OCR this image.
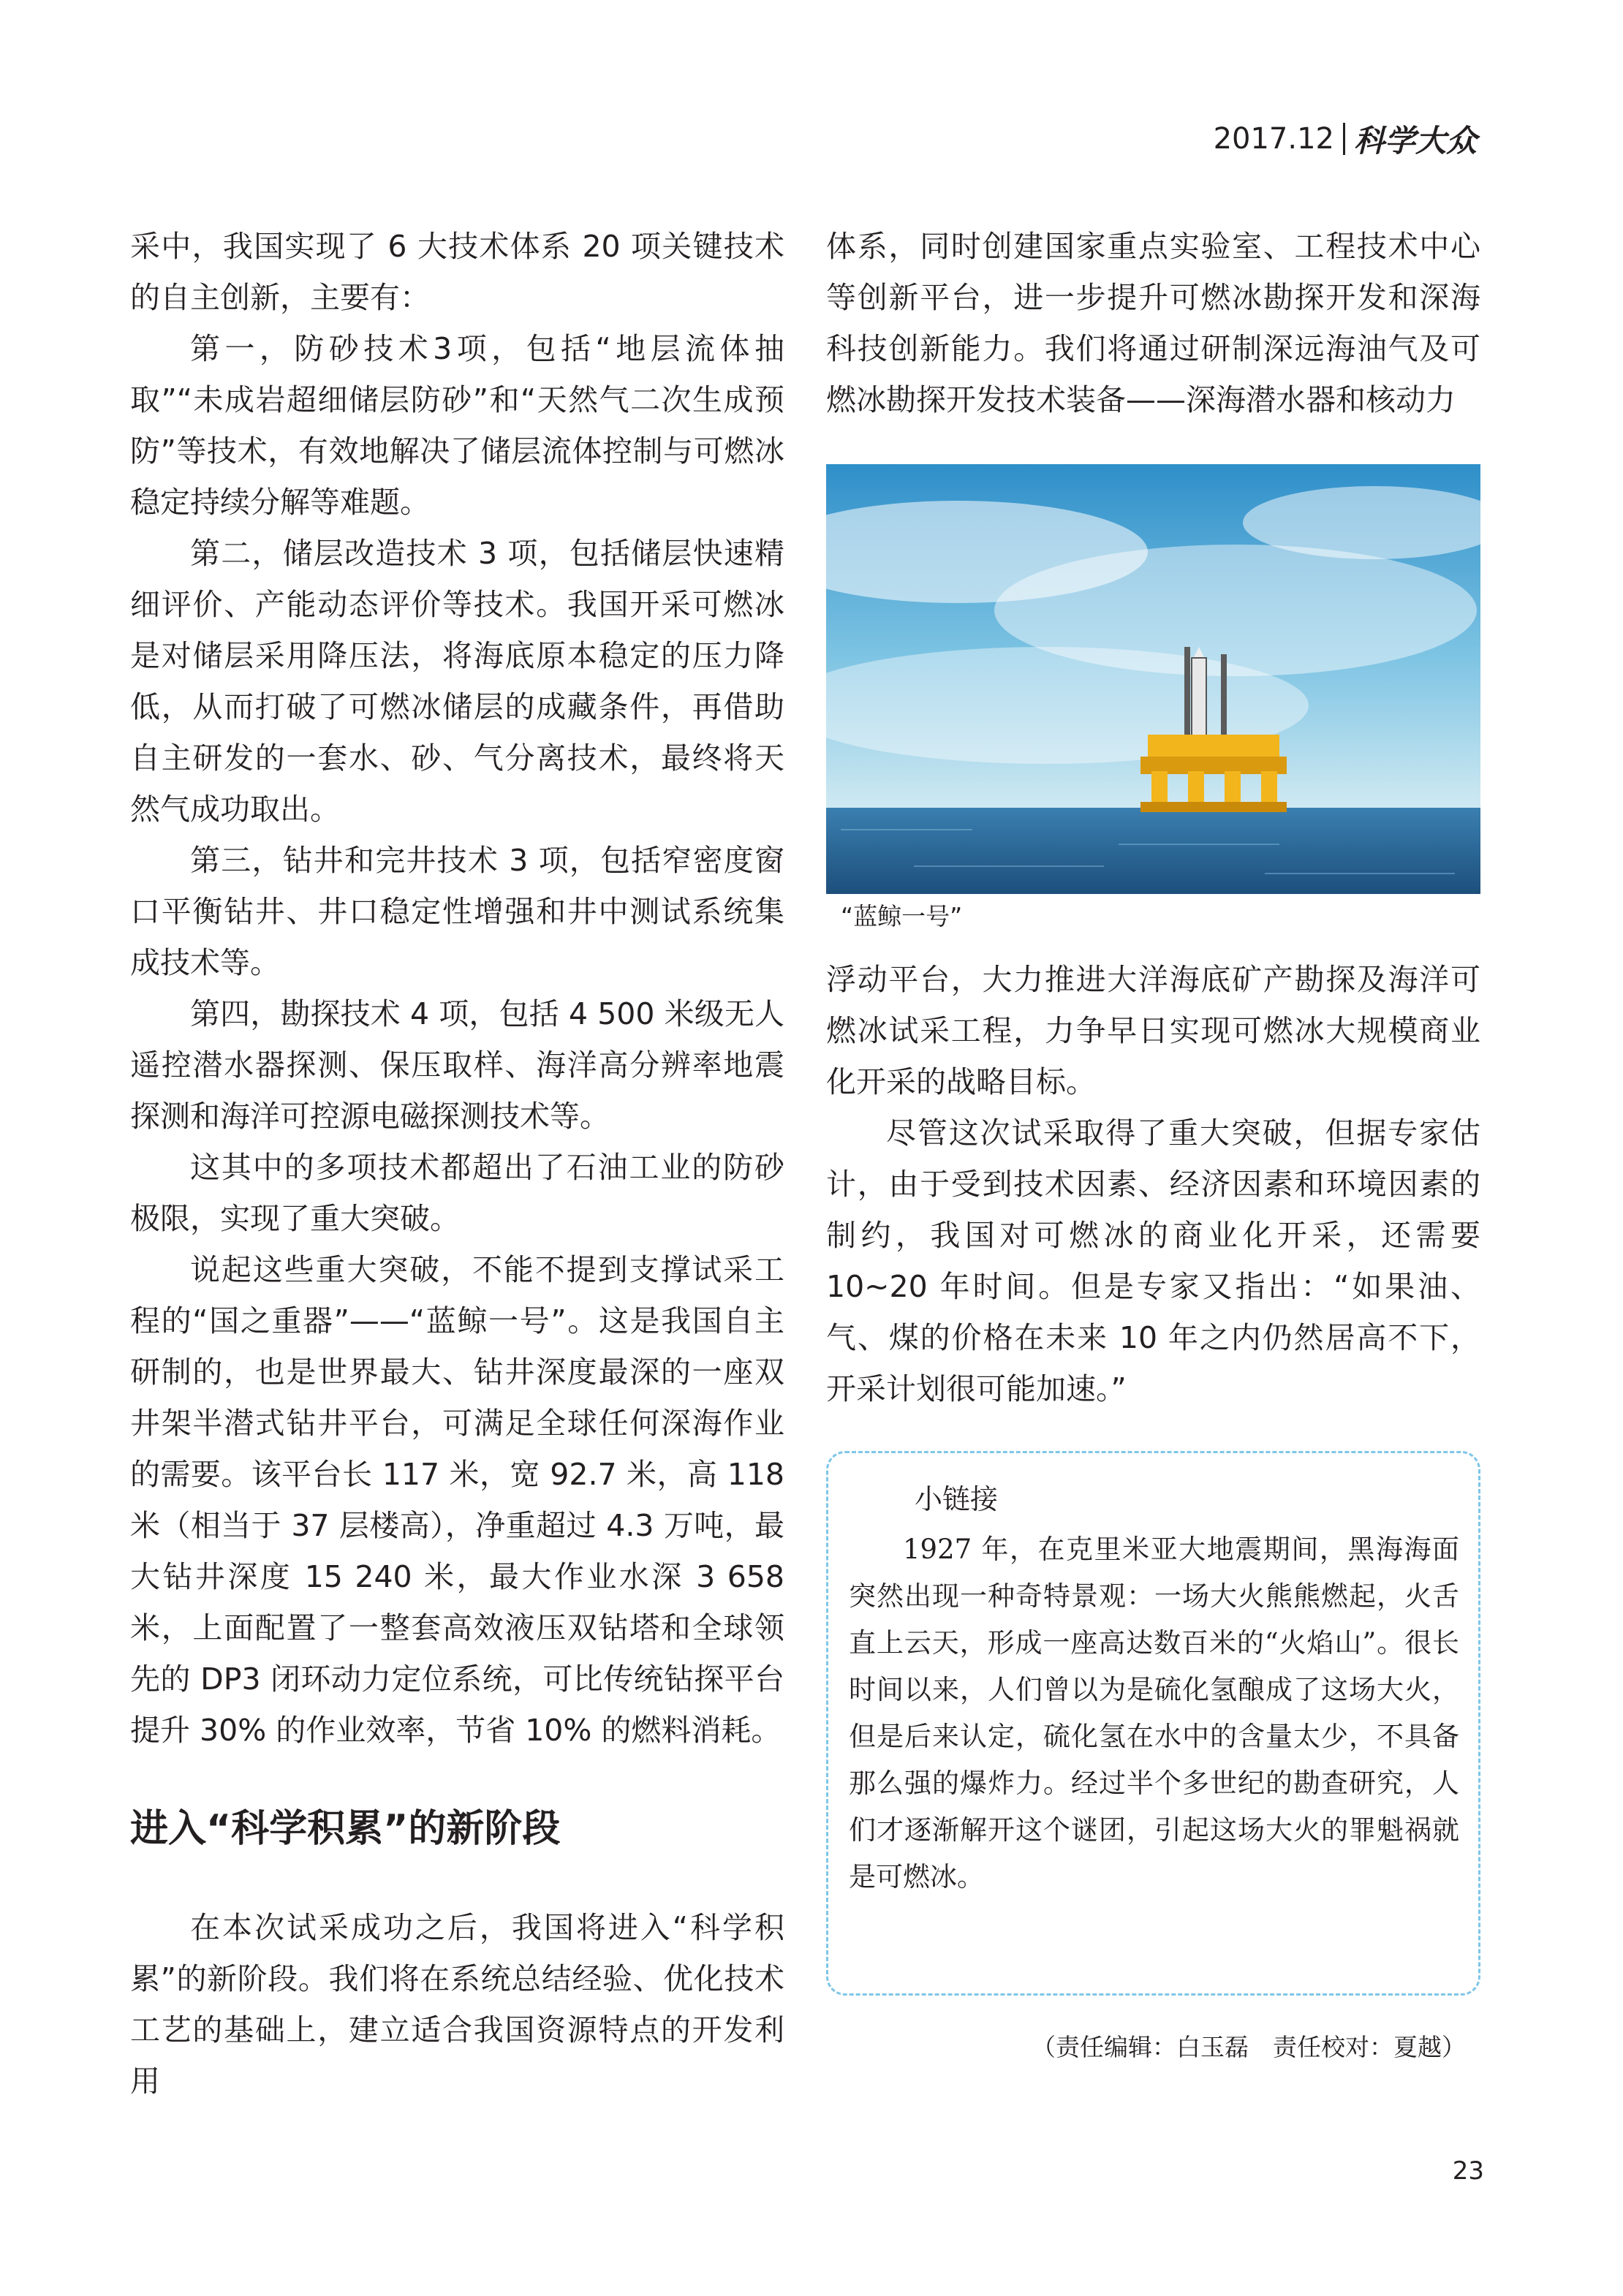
2017.12 科学大众

采中，我国实现了 6 大技术体系 20 项关键技术的自主创新，主要有：

第一，防砂技术3项，包括“地层流体抽取”“未成岩超细储层防砂”和“天然气二次生成预防”等技术，有效地解决了储层流体控制与可燃冰稳定持续分解等难题。

第二，储层改造技术 3 项，包括储层快速精细评价、产能动态评价等技术。我国开采可燃冰是对储层采用降压法，将海底原本稳定的压力降低，从而打破了可燃冰储层的成藏条件，再借助自主研发的一套水、砂、气分离技术，最终将天然气成功取出。

第三，钻井和完井技术 3 项，包括窄密度窗口平衡钻井、井口稳定性增强和井中测试系统集成技术等。

第四，勘探技术 4 项，包括 4 500 米级无人遥控潜水器探测、保压取样、海洋高分辨率地震探测和海洋可控源电磁探测技术等。

这其中的多项技术都超出了石油工业的防砂极限，实现了重大突破。

说起这些重大突破，不能不提到支撑试采工程的“国之重器”——“蓝鲸一号”。这是我国自主研制的，也是世界最大、钻井深度最深的一座双井架半潜式钻井平台，可满足全球任何深海作业的需要。该平台长 117 米，宽 92.7 米，高 118 米（相当于 37 层楼高），净重超过 4.3 万吨，最大钻井深度 15 240 米，最大作业水深 3 658 米，上面配置了一整套高效液压双钻塔和全球领先的 DP3 闭环动力定位系统，可比传统钻探平台提升 30% 的作业效率，节省 10% 的燃料消耗。

进入“科学积累”的新阶段

在本次试采成功之后，我国将进入“科学积累”的新阶段。我们将在系统总结经验、优化技术工艺的基础上，建立适合我国资源特点的开发利用

体系，同时创建国家重点实验室、工程技术中心等创新平台，进一步提升可燃冰勘探开发和深海科技创新能力。我们将通过研制深远海油气及可燃冰勘探开发技术装备——深海潜水器和核动力

“蓝鲸一号”

浮动平台，大力推进大洋海底矿产勘探及海洋可燃冰试采工程，力争早日实现可燃冰大规模商业化开采的战略目标。

尽管这次试采取得了重大突破，但据专家估计，由于受到技术因素、经济因素和环境因素的制约，我国对可燃冰的商业化开采，还需要 10~20 年时间。但是专家又指出：“如果油、气、煤的价格在未来 10 年之内仍然居高不下，开采计划很可能加速。”

小链接
1927 年，在克里米亚大地震期间，黑海海面突然出现一种奇特景观：一场大火熊熊燃起，火舌直上云天，形成一座高达数百米的“火焰山”。很长时间以来，人们曾以为是硫化氢酿成了这场大火，但是后来认定，硫化氢在水中的含量太少，不具备那么强的爆炸力。经过半个多世纪的勘查研究，人们才逐渐解开这个谜团，引起这场大火的罪魁祸就是可燃冰。
（责任编辑：白玉磊　责任校对：夏越）
23
